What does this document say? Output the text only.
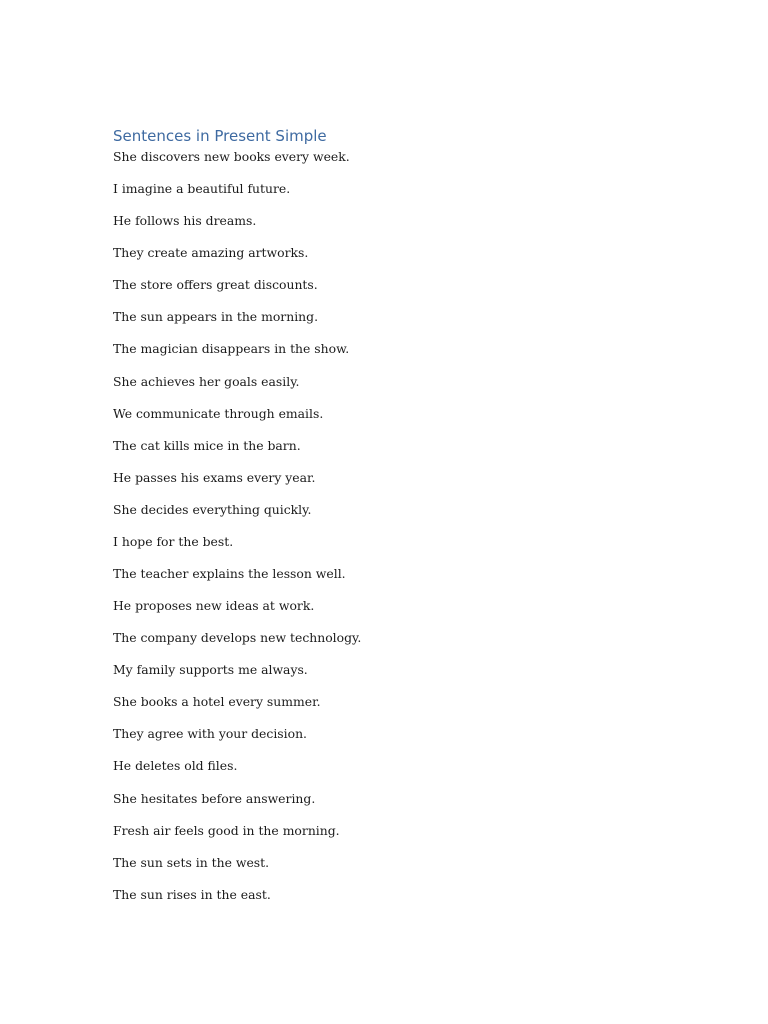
Sentences in Present Simple
She discovers new books every week.
I imagine a beautiful future.
He follows his dreams.
They create amazing artworks.
The store offers great discounts.
The sun appears in the morning.
The magician disappears in the show.
She achieves her goals easily.
We communicate through emails.
The cat kills mice in the barn.
He passes his exams every year.
She decides everything quickly.
I hope for the best.
The teacher explains the lesson well.
He proposes new ideas at work.
The company develops new technology.
My family supports me always.
She books a hotel every summer.
They agree with your decision.
He deletes old files.
She hesitates before answering.
Fresh air feels good in the morning.
The sun sets in the west.
The sun rises in the east.
